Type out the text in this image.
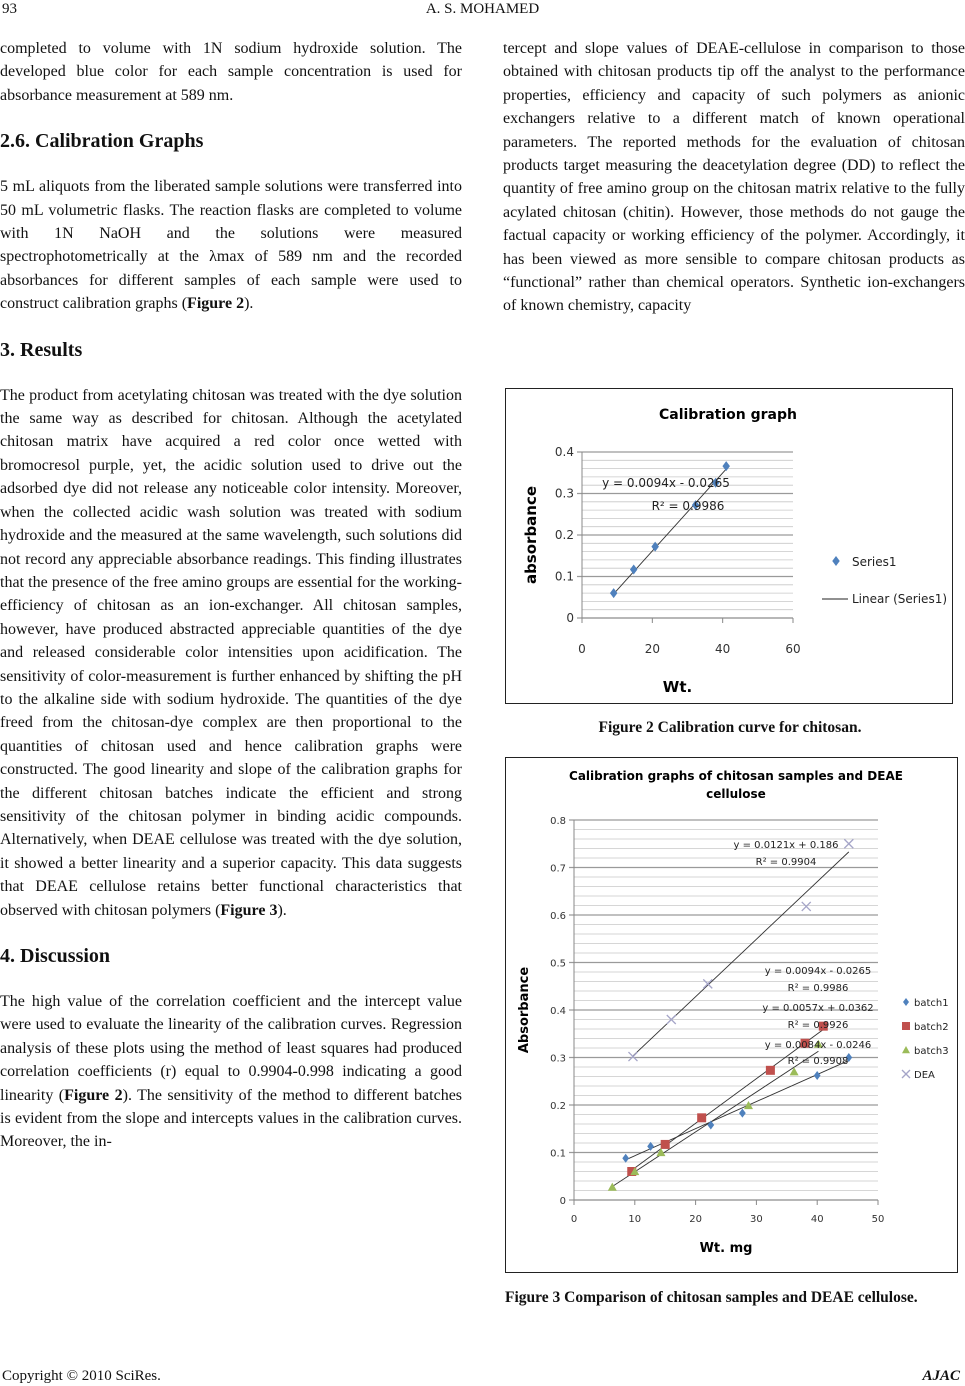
93	A. S. MOHAMED

completed to volume with 1N sodium hydroxide solution. The developed blue color for each sample concentration is used for absorbance measurement at 589 nm.

2.6. Calibration Graphs

5 mL aliquots from the liberated sample solutions were transferred into 50 mL volumetric flasks. The reaction flasks are completed to volume with 1N NaOH and the solutions were measured spectrophotometrically at the λmax of 589 nm and the recorded absorbances for different samples of each sample were used to construct calibration graphs (Figure 2).

3. Results

The product from acetylating chitosan was treated with the dye solution the same way as described for chitosan. Although the acetylated chitosan matrix have acquired a red color once wetted with bromocresol purple, yet, the acidic solution used to drive out the adsorbed dye did not release any noticeable color intensity. Moreover, when the collected acidic wash solution was treated with sodium hydroxide and the measured at the same wavelength, such solutions did not record any appreciable absorbance readings. This finding illustrates that the presence of the free amino groups are essential for the working-efficiency of chitosan as an ion-exchanger. All chitosan samples, however, have produced abstracted appreciable quantities of the dye and released considerable color intensities upon acidification. The sensitivity of color-measurement is further enhanced by shifting the pH to the alkaline side with sodium hydroxide. The quantities of the dye freed from the chitosan-dye complex are then proportional to the quantities of chitosan used and hence calibration graphs were constructed. The good linearity and slope of the calibration graphs for the different chitosan batches indicate the efficient and strong sensitivity of the chitosan polymer in binding acidic compounds. Alternatively, when DEAE cellulose was treated with the dye solution, it showed a better linearity and a superior capacity. This data suggests that DEAE cellulose retains better functional characteristics that observed with chitosan polymers (Figure 3).

4. Discussion

The high value of the correlation coefficient and the intercept value were used to evaluate the linearity of the calibration curves. Regression analysis of these plots using the method of least squares had produced correlation coefficients (r) equal to 0.9904-0.998 indicating a good linearity (Figure 2). The sensitivity of the method to different batches is evident from the slope and intercepts values in the calibration curves. Moreover, the in-

tercept and slope values of DEAE-cellulose in comparison to those obtained with chitosan products tip off the analyst to the performance properties, efficiency and capacity of such polymers as anionic exchangers relative to a different match of known operational parameters. The reported methods for the evaluation of chitosan products target measuring the deacetylation degree (DD) to reflect the quantity of free amino group on the chitosan matrix relative to the fully acylated chitosan (chitin). However, those methods do not gauge the factual capacity or working efficiency of the polymer. Accordingly, it has been viewed as more sensible to compare chitosan products as “functional” rather than chemical operators. Synthetic ion-exchangers of known chemistry, capacity

Calibration graph
0
0.1
0.2
0.3
0.4
0	20	40	60
Wt.
absorbance
y = 0.0094x - 0.0265
R² = 0.9986
Series1
Linear (Series1)
Figure 2 Calibration curve for chitosan.
Calibration graphs of chitosan samples and DEAE
cellulose
0
0.1
0.2
0.3
0.4
0.5
0.6
0.7
0.8
0	10	20	30	40	50
Wt. mg
Absorbance	y = 0.0057x + 0.0362
R² = 0.9926
y = 0.0094x - 0.0265
R² = 0.9986
y = 0.0084x - 0.0246
R² = 0.9908
y = 0.0121x + 0.186
R² = 0.9904
batch1
batch2
batch3
DEA
Figure 3 Comparison of chitosan samples and DEAE cellulose.
Copyright © 2010 SciRes.	AJAC
